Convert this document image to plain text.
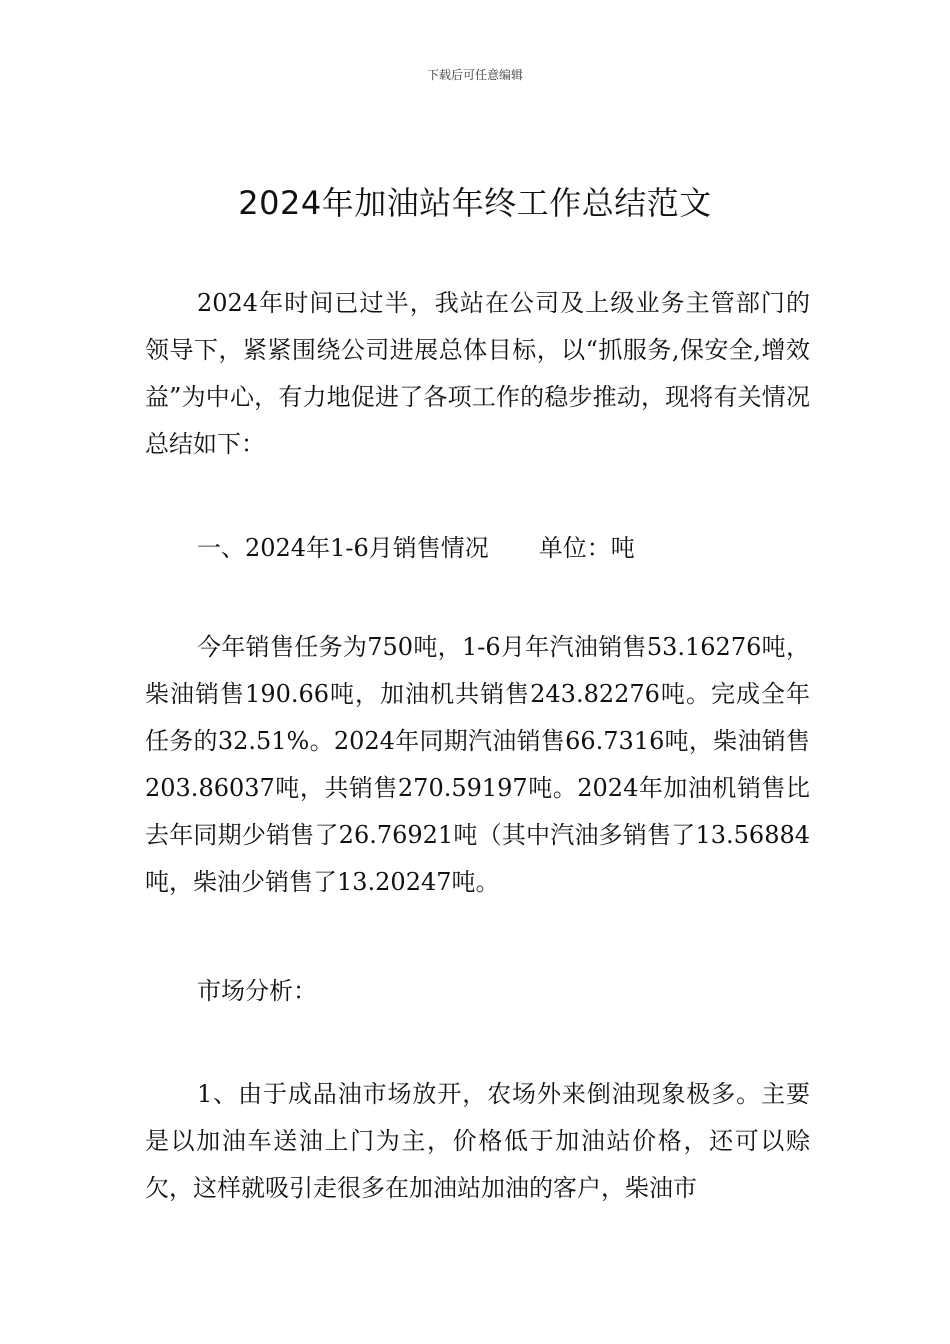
下载后可任意编辑
2024年加油站年终工作总结范文

2024年时间已过半，我站在公司及上级业务主管部门的领导下，紧紧围绕公司进展总体目标，以“抓服务,保安全,增效益”为中心，有力地促进了各项工作的稳步推动，现将有关情况总结如下：

一、2024年1-6月销售情况 单位：吨

今年销售任务为750吨，1-6月年汽油销售53.16276吨，柴油销售190.66吨，加油机共销售243.82276吨。完成全年任务的32.51%。2024年同期汽油销售66.7316吨，柴油销售203.86037吨，共销售270.59197吨。2024年加油机销售比去年同期少销售了26.76921吨（其中汽油多销售了13.56884吨，柴油少销售了13.20247吨。

市场分析：

1、由于成品油市场放开，农场外来倒油现象极多。主要是以加油车送油上门为主，价格低于加油站价格，还可以赊欠，这样就吸引走很多在加油站加油的客户，柴油市
